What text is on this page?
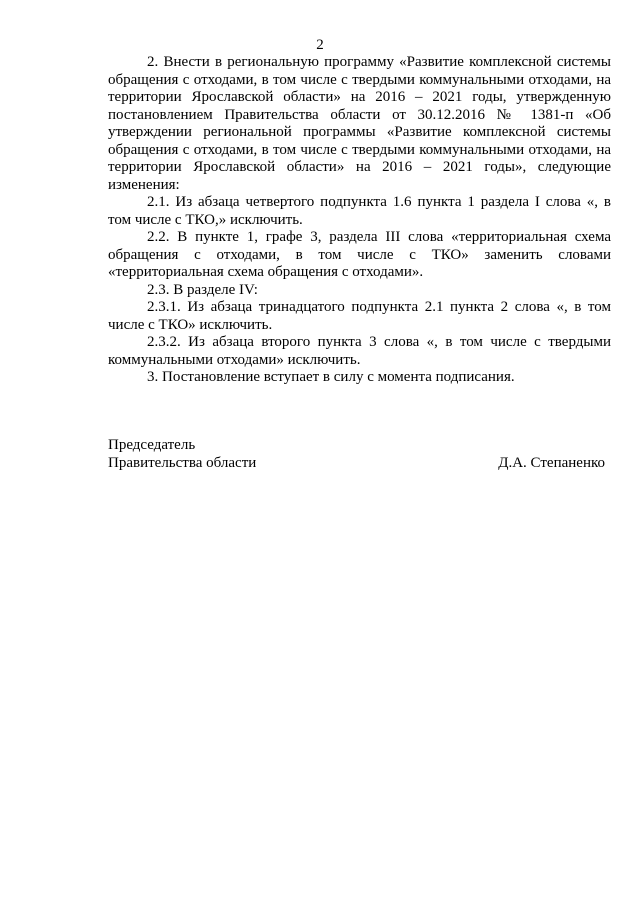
2

2. Внести в региональную программу «Развитие комплексной системы обращения с отходами, в том числе с твердыми коммунальными отходами, на территории Ярославской области» на 2016 – 2021 годы, утвержденную постановлением Правительства области от 30.12.2016 № 1381-п «Об утверждении региональной программы «Развитие комплексной системы обращения с отходами, в том числе с твердыми коммунальными отходами, на территории Ярославской области» на 2016 – 2021 годы», следующие изменения:

2.1. Из абзаца четвертого подпункта 1.6 пункта 1 раздела I слова «, в том числе с ТКО,» исключить.

2.2. В пункте 1, графе 3, раздела III слова «территориальная схема обращения с отходами, в том числе с ТКО» заменить словами «территориальная схема обращения с отходами».

2.3. В разделе IV:

2.3.1. Из абзаца тринадцатого подпункта 2.1 пункта 2 слова «, в том числе с ТКО» исключить.

2.3.2. Из абзаца второго пункта 3 слова «, в том числе с твердыми коммунальными отходами» исключить.

3. Постановление вступает в силу с момента подписания.

Председатель
Правительства области	Д.А. Степаненко
